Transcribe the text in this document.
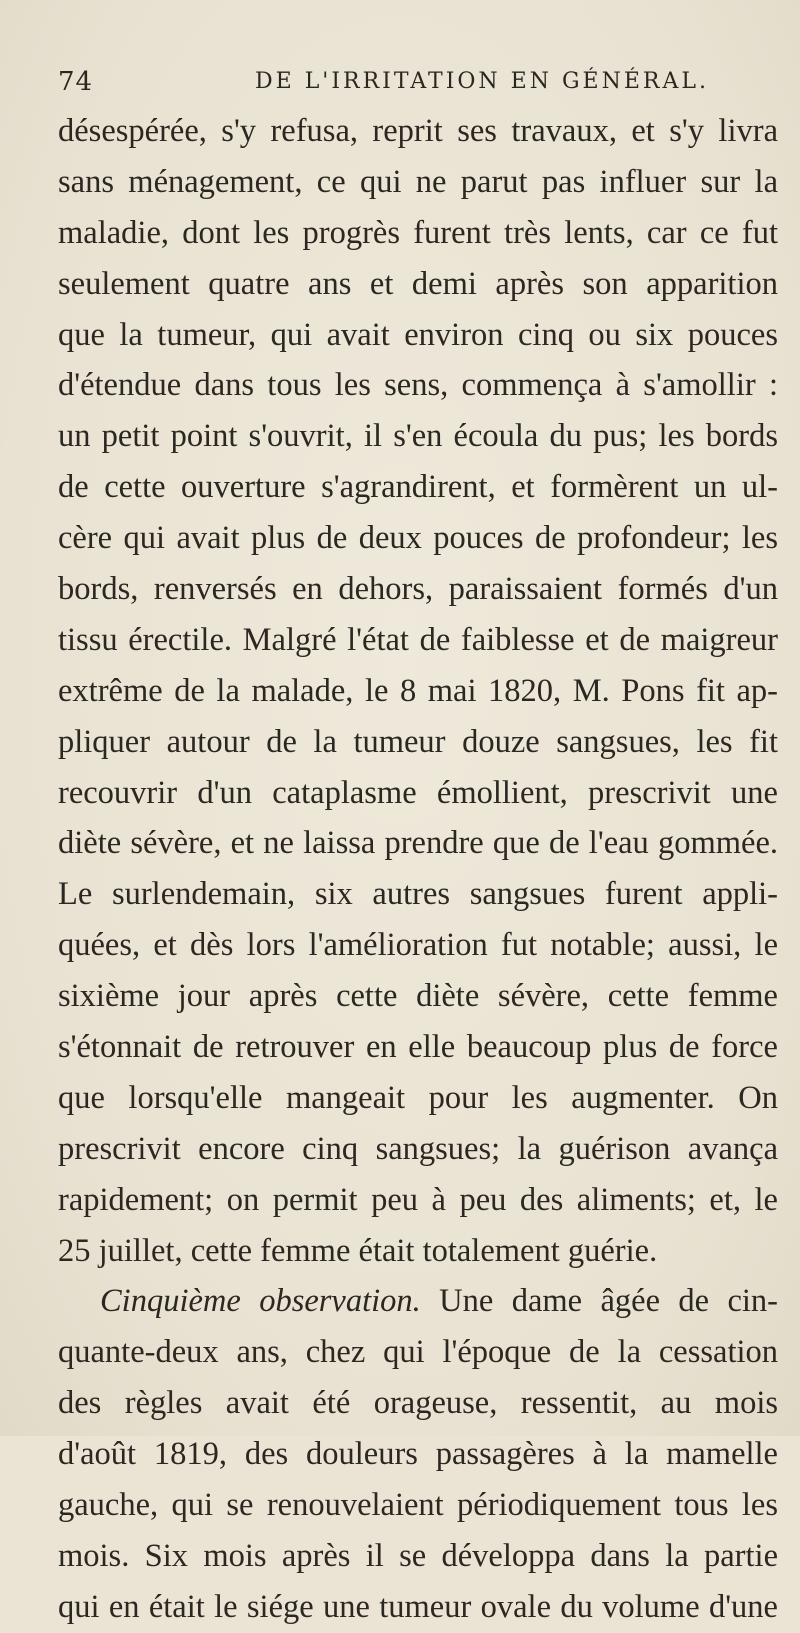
74	DE L'IRRITATION EN GÉNÉRAL.
désespérée, s'y refusa, reprit ses travaux, et s'y livra
sans ménagement, ce qui ne parut pas influer sur la
maladie, dont les progrès furent très lents, car ce fut
seulement quatre ans et demi après son apparition
que la tumeur, qui avait environ cinq ou six pouces
d'étendue dans tous les sens, commença à s'amollir :
un petit point s'ouvrit, il s'en écoula du pus; les bords
de cette ouverture s'agrandirent, et formèrent un ul-
cère qui avait plus de deux pouces de profondeur; les
bords, renversés en dehors, paraissaient formés d'un
tissu érectile. Malgré l'état de faiblesse et de maigreur
extrême de la malade, le 8 mai 1820, M. Pons fit ap-
pliquer autour de la tumeur douze sangsues, les fit
recouvrir d'un cataplasme émollient, prescrivit une
diète sévère, et ne laissa prendre que de l'eau gommée.
Le surlendemain, six autres sangsues furent appli-
quées, et dès lors l'amélioration fut notable; aussi, le
sixième jour après cette diète sévère, cette femme
s'étonnait de retrouver en elle beaucoup plus de force
que lorsqu'elle mangeait pour les augmenter. On
prescrivit encore cinq sangsues; la guérison avança
rapidement; on permit peu à peu des aliments; et, le
25 juillet, cette femme était totalement guérie.
Cinquième observation. Une dame âgée de cin-
quante-deux ans, chez qui l'époque de la cessation
des règles avait été orageuse, ressentit, au mois
d'août 1819, des douleurs passagères à la mamelle
gauche, qui se renouvelaient périodiquement tous les
mois. Six mois après il se développa dans la partie
qui en était le siége une tumeur ovale du volume d'une
